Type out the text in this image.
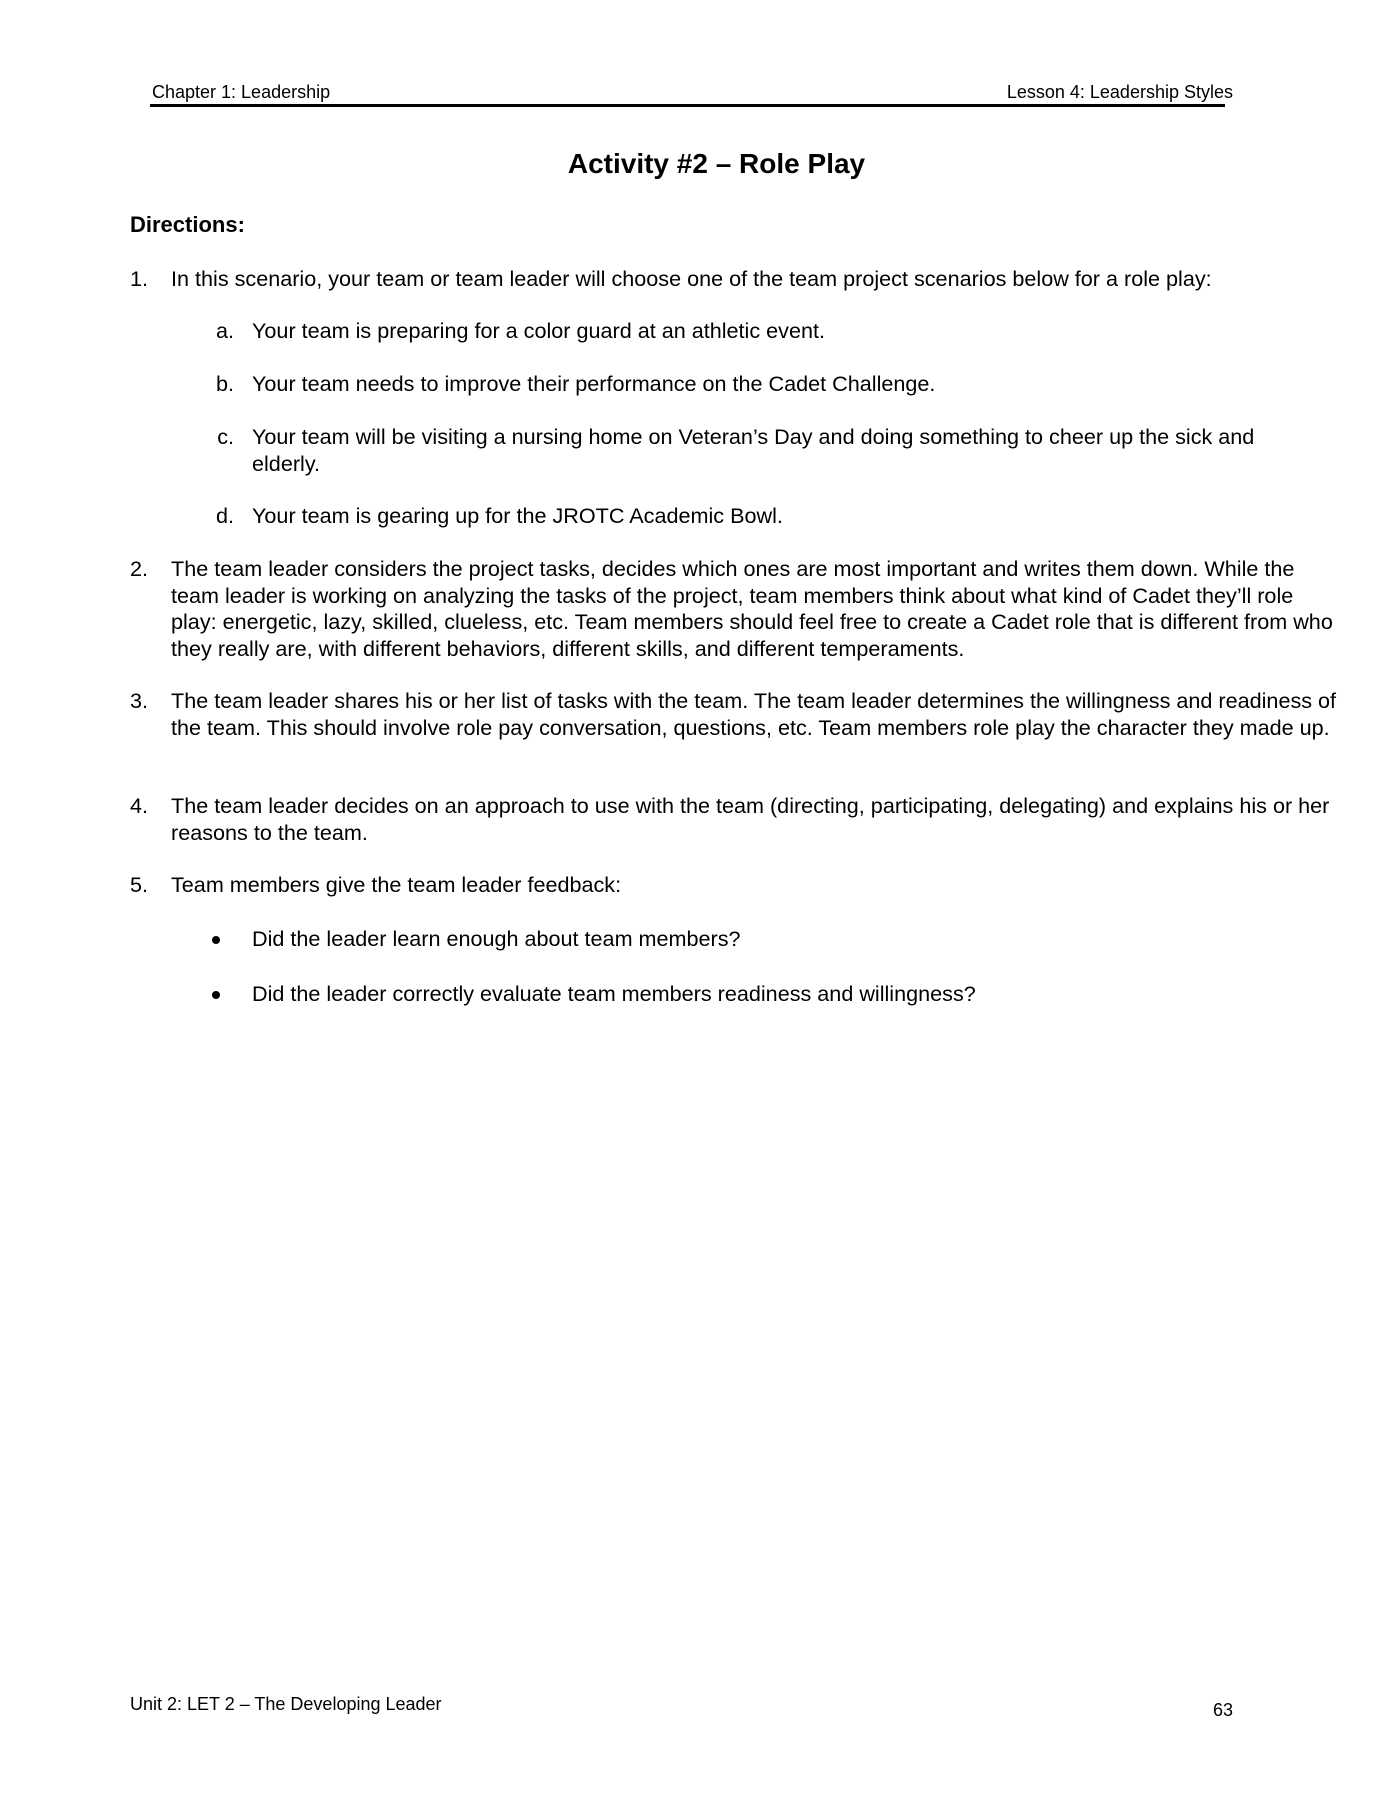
Chapter 1: Leadership	Lesson 4: Leadership Styles
Activity #2 – Role Play
Directions:
1. In this scenario, your team or team leader will choose one of the team project scenarios below for a role play:
a. Your team is preparing for a color guard at an athletic event.
b. Your team needs to improve their performance on the Cadet Challenge.
c. Your team will be visiting a nursing home on Veteran’s Day and doing something to cheer up the sick and elderly.
d. Your team is gearing up for the JROTC Academic Bowl.
2. The team leader considers the project tasks, decides which ones are most important and writes them down. While the team leader is working on analyzing the tasks of the project, team members think about what kind of Cadet they’ll role play: energetic, lazy, skilled, clueless, etc. Team members should feel free to create a Cadet role that is different from who they really are, with different behaviors, different skills, and different temperaments.
3. The team leader shares his or her list of tasks with the team. The team leader determines the willingness and readiness of the team. This should involve role pay conversation, questions, etc. Team members role play the character they made up.
4. The team leader decides on an approach to use with the team (directing, participating, delegating) and explains his or her reasons to the team.
5. Team members give the team leader feedback:
Did the leader learn enough about team members?
Did the leader correctly evaluate team members readiness and willingness?
Unit 2: LET 2 – The Developing Leader	63
